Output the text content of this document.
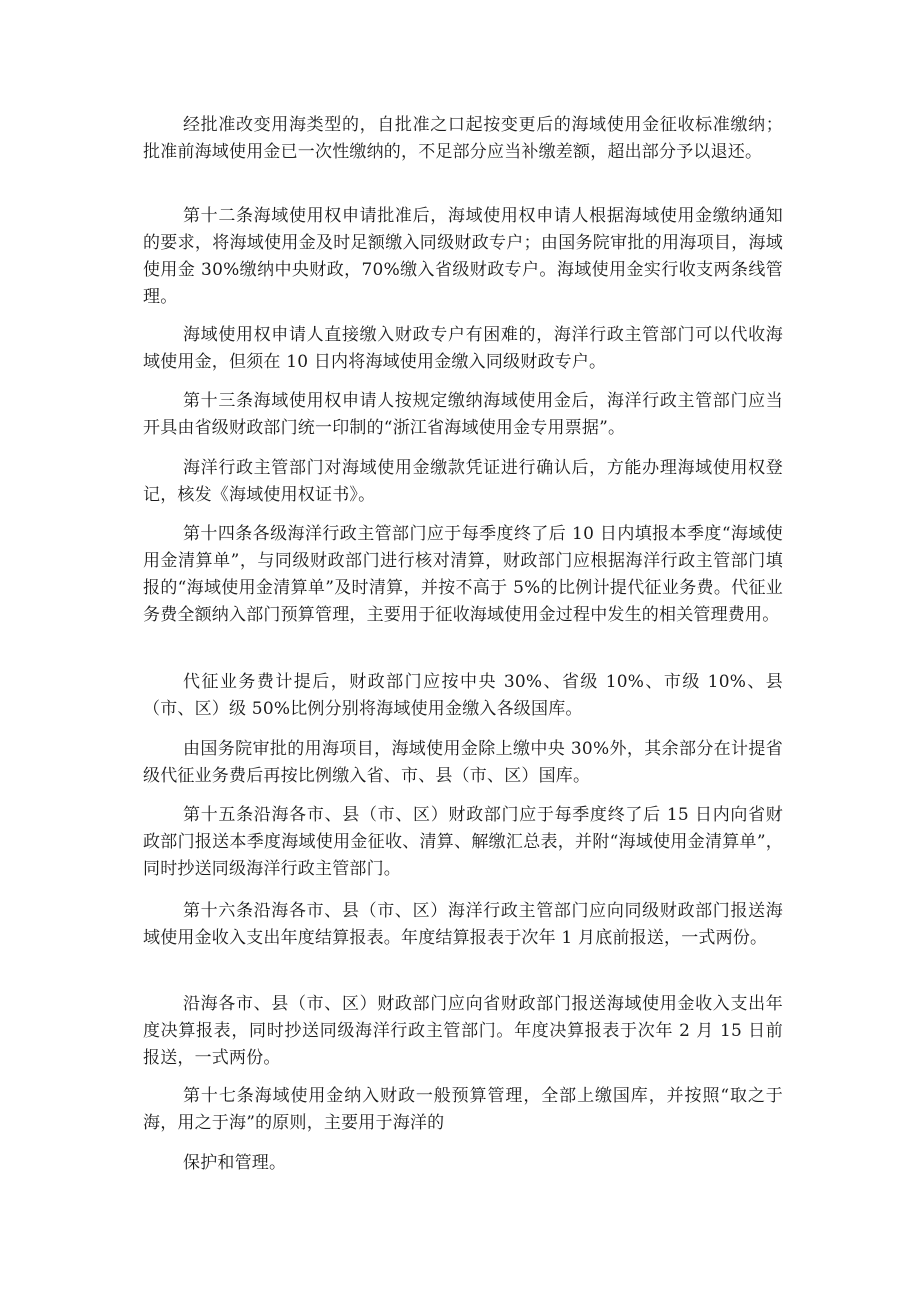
经批准改变用海类型的，自批准之口起按变更后的海域使用金征收标准缴纳；批准前海域使用金已一次性缴纳的，不足部分应当补缴差额，超出部分予以退还。

第十二条海域使用权申请批准后，海域使用权申请人根据海域使用金缴纳通知的要求，将海域使用金及时足额缴入同级财政专户；由国务院审批的用海项目，海域使用金 30%缴纳中央财政，70%缴入省级财政专户。海域使用金实行收支两条线管理。

海域使用权申请人直接缴入财政专户有困难的，海洋行政主管部门可以代收海域使用金，但须在 10 日内将海域使用金缴入同级财政专户。

第十三条海域使用权申请人按规定缴纳海域使用金后，海洋行政主管部门应当开具由省级财政部门统一印制的“浙江省海域使用金专用票据”。

海洋行政主管部门对海域使用金缴款凭证进行确认后，方能办理海域使用权登记，核发《海域使用权证书》。

第十四条各级海洋行政主管部门应于每季度终了后 10 日内填报本季度“海域使用金清算单”，与同级财政部门进行核对清算，财政部门应根据海洋行政主管部门填报的“海域使用金清算单”及时清算，并按不高于 5%的比例计提代征业务费。代征业务费全额纳入部门预算管理，主要用于征收海域使用金过程中发生的相关管理费用。

代征业务费计提后，财政部门应按中央 30%、省级 10%、市级 10%、县（市、区）级 50%比例分别将海域使用金缴入各级国库。

由国务院审批的用海项目，海域使用金除上缴中央 30%外，其余部分在计提省级代征业务费后再按比例缴入省、市、县（市、区）国库。

第十五条沿海各市、县（市、区）财政部门应于每季度终了后 15 日内向省财政部门报送本季度海域使用金征收、清算、解缴汇总表，并附“海域使用金清算单”，同时抄送同级海洋行政主管部门。

第十六条沿海各市、县（市、区）海洋行政主管部门应向同级财政部门报送海域使用金收入支出年度结算报表。年度结算报表于次年 1 月底前报送，一式两份。

沿海各市、县（市、区）财政部门应向省财政部门报送海域使用金收入支出年度决算报表，同时抄送同级海洋行政主管部门。年度决算报表于次年 2 月 15 日前报送，一式两份。

第十七条海域使用金纳入财政一般预算管理，全部上缴国库，并按照“取之于海，用之于海”的原则，主要用于海洋的

保护和管理。
